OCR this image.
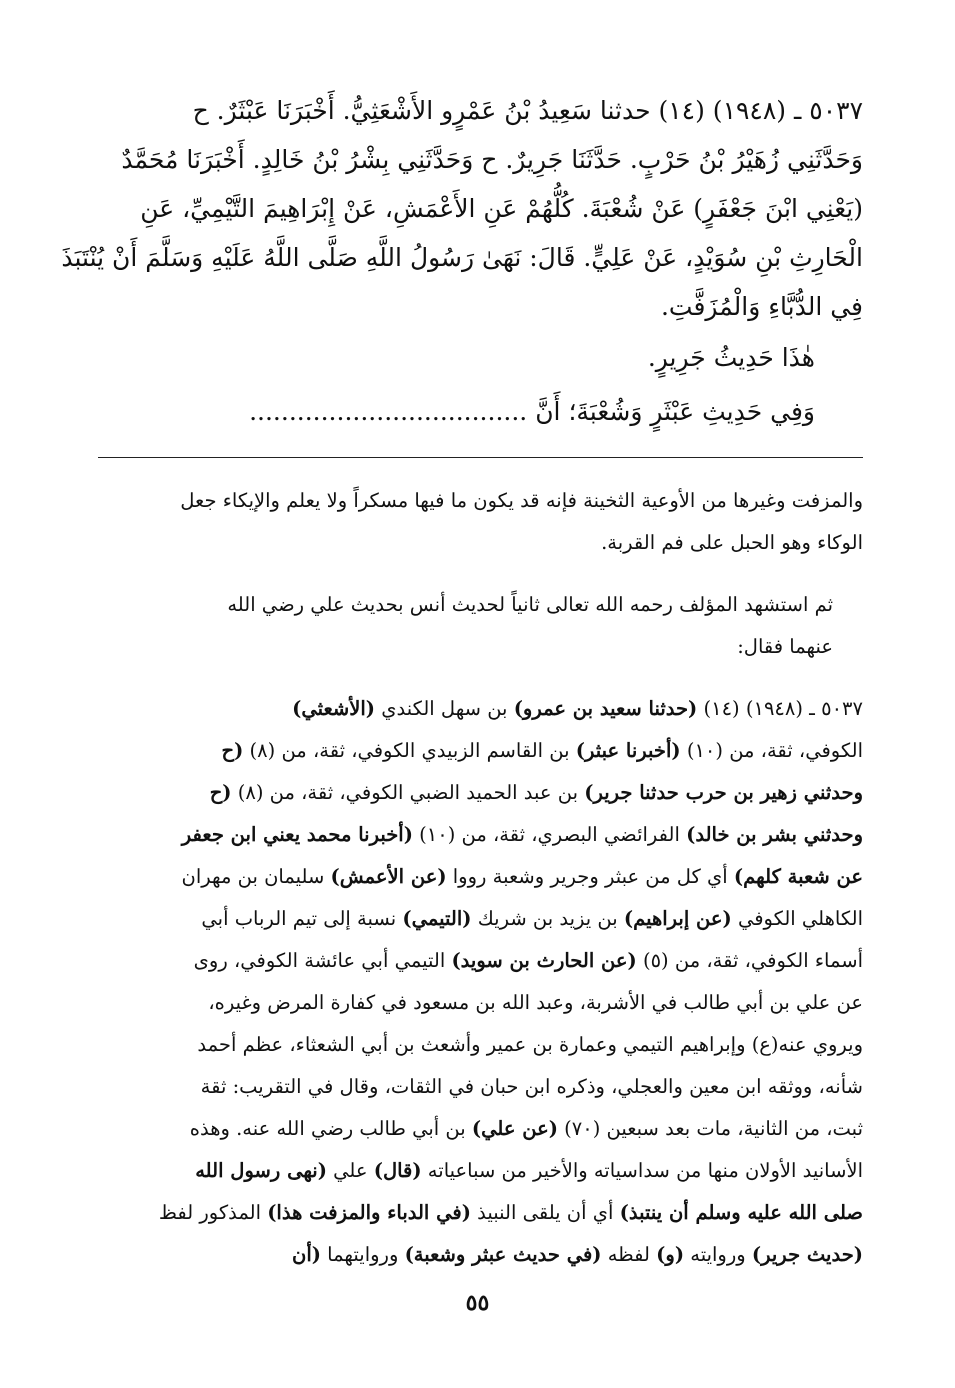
٥٠٣٧ ـ (١٩٤٨) (١٤) حدثنا سَعِيدُ بْنُ عَمْرٍو الأَشْعَثِيُّ. أَخْبَرَنَا عَبْثَرٌ. ح
وَحَدَّثَنِي زُهَيْرُ بْنُ حَرْبٍ. حَدَّثَنَا جَرِيرٌ. ح وَحَدَّثَنِي بِشْرُ بْنُ خَالِدٍ. أَخْبَرَنَا مُحَمَّدٌ
(يَعْنِي ابْنَ جَعْفَرٍ) عَنْ شُعْبَةَ. كُلُّهُمْ عَنِ الأَعْمَشِ، عَنْ إِبْرَاهِيمَ التَّيْمِيِّ، عَنِ
الْحَارِثِ بْنِ سُوَيْدٍ، عَنْ عَلِيٍّ. قَالَ: نَهَىٰ رَسُولُ اللَّهِ صَلَّى اللَّهُ عَلَيْهِ وَسَلَّمَ أَنْ يُنْتَبَذَ
فِي الدُّبَّاءِ وَالْمُزَفَّتِ.
هٰذَا حَدِيثُ جَرِيرٍ.
وَفِي حَدِيثِ عَبْثَرٍ وَشُعْبَةَ؛ أَنَّ ...................................

والمزفت وغيرها من الأوعية الثخينة فإنه قد يكون ما فيها مسكراً ولا يعلم والإيكاء جعل
الوكاء وهو الحبل على فم القربة.

ثم استشهد المؤلف رحمه الله تعالى ثانياً لحديث أنس بحديث علي رضي الله
عنهما فقال:

٥٠٣٧ ـ (١٩٤٨) (١٤) (حدثنا سعيد بن عمرو) بن سهل الكندي (الأشعثي)
الكوفي، ثقة، من (١٠) (أخبرنا عبثر) بن القاسم الزبيدي الكوفي، ثقة، من (٨) (ح
وحدثني زهير بن حرب حدثنا جرير) بن عبد الحميد الضبي الكوفي، ثقة، من (٨) (ح
وحدثني بشر بن خالد) الفرائضي البصري، ثقة، من (١٠) (أخبرنا محمد يعني ابن جعفر
عن شعبة كلهم) أي كل من عبثر وجرير وشعبة رووا (عن الأعمش) سليمان بن مهران
الكاهلي الكوفي (عن إبراهيم) بن يزيد بن شريك (التيمي) نسبة إلى تيم الرباب أبي
أسماء الكوفي، ثقة، من (٥) (عن الحارث بن سويد) التيمي أبي عائشة الكوفي، روى
عن علي بن أبي طالب في الأشربة، وعبد الله بن مسعود في كفارة المرض وغيره،
ويروي عنه(ع) وإبراهيم التيمي وعمارة بن عمير وأشعث بن أبي الشعثاء، عظم أحمد
شأنه، ووثقه ابن معين والعجلي، وذكره ابن حبان في الثقات، وقال في التقريب: ثقة
ثبت، من الثانية، مات بعد سبعين (٧٠) (عن علي) بن أبي طالب رضي الله عنه. وهذه
الأسانيد الأولان منها من سداسياته والأخير من سباعياته (قال) علي (نهى رسول الله
صلى الله عليه وسلم أن ينتبذ) أي أن يلقى النبيذ (في الدباء والمزفت هذا) المذكور لفظ
(حديث جرير) وروايته (و) لفظه (في حديث عبثر وشعبة) وروايتهما (أن

٥٥
